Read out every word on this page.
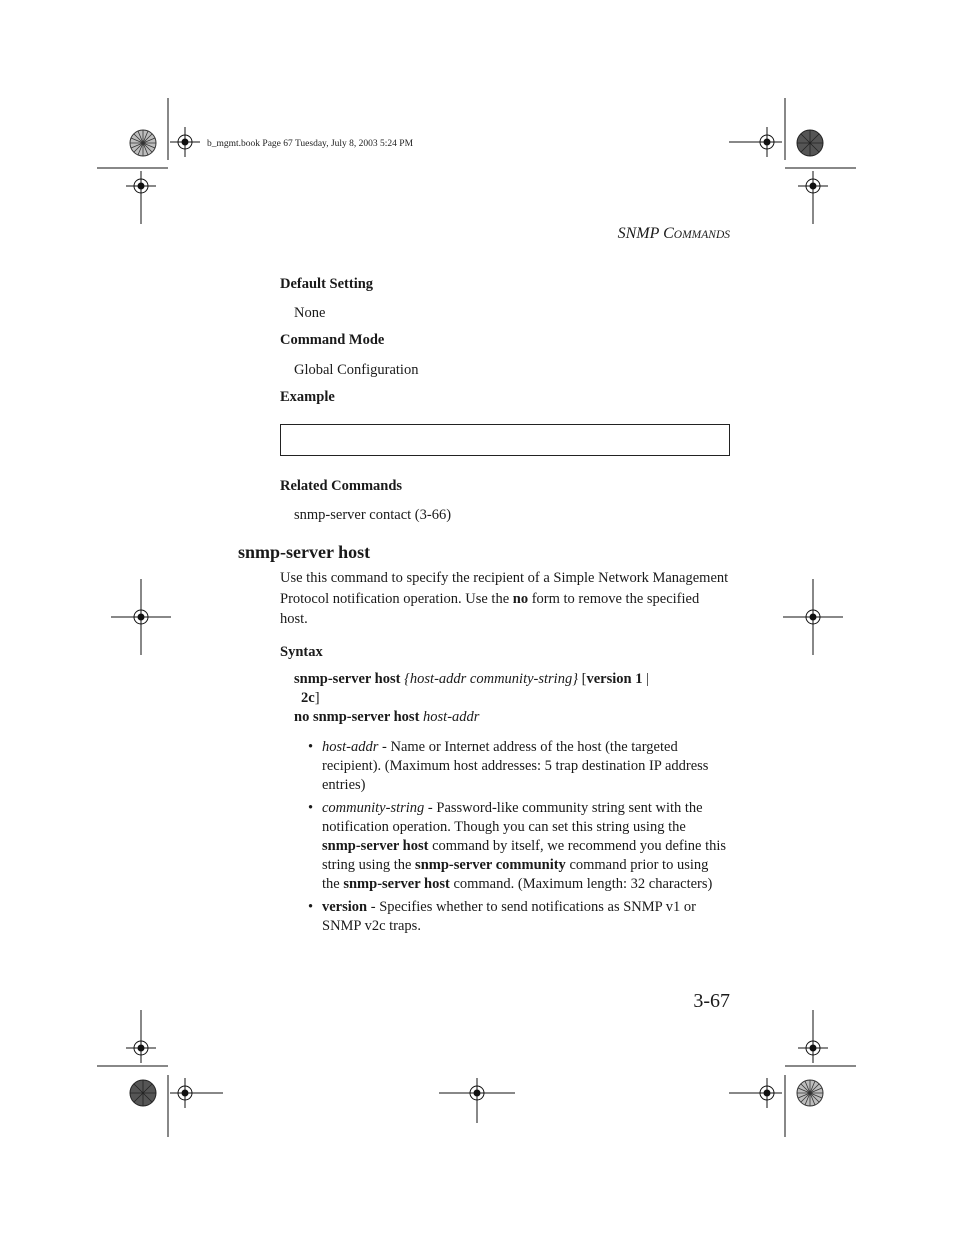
b_mgmt.book Page 67 Tuesday, July 8, 2003 5:24 PM
SNMP COMMANDS
Default Setting
None
Command Mode
Global Configuration
Example
Related Commands
snmp-server contact (3-66)
snmp-server host
Use this command to specify the recipient of a Simple Network Management Protocol notification operation. Use the no form to remove the specified host.
Syntax
snmp-server host {host-addr community-string} [version 1 |
2c]
no snmp-server host host-addr
• host-addr - Name or Internet address of the host (the targeted recipient). (Maximum host addresses: 5 trap destination IP address entries)
• community-string - Password-like community string sent with the notification operation. Though you can set this string using the snmp-server host command by itself, we recommend you define this string using the snmp-server community command prior to using the snmp-server host command. (Maximum length: 32 characters)
• version - Specifies whether to send notifications as SNMP v1 or SNMP v2c traps.
3-67
